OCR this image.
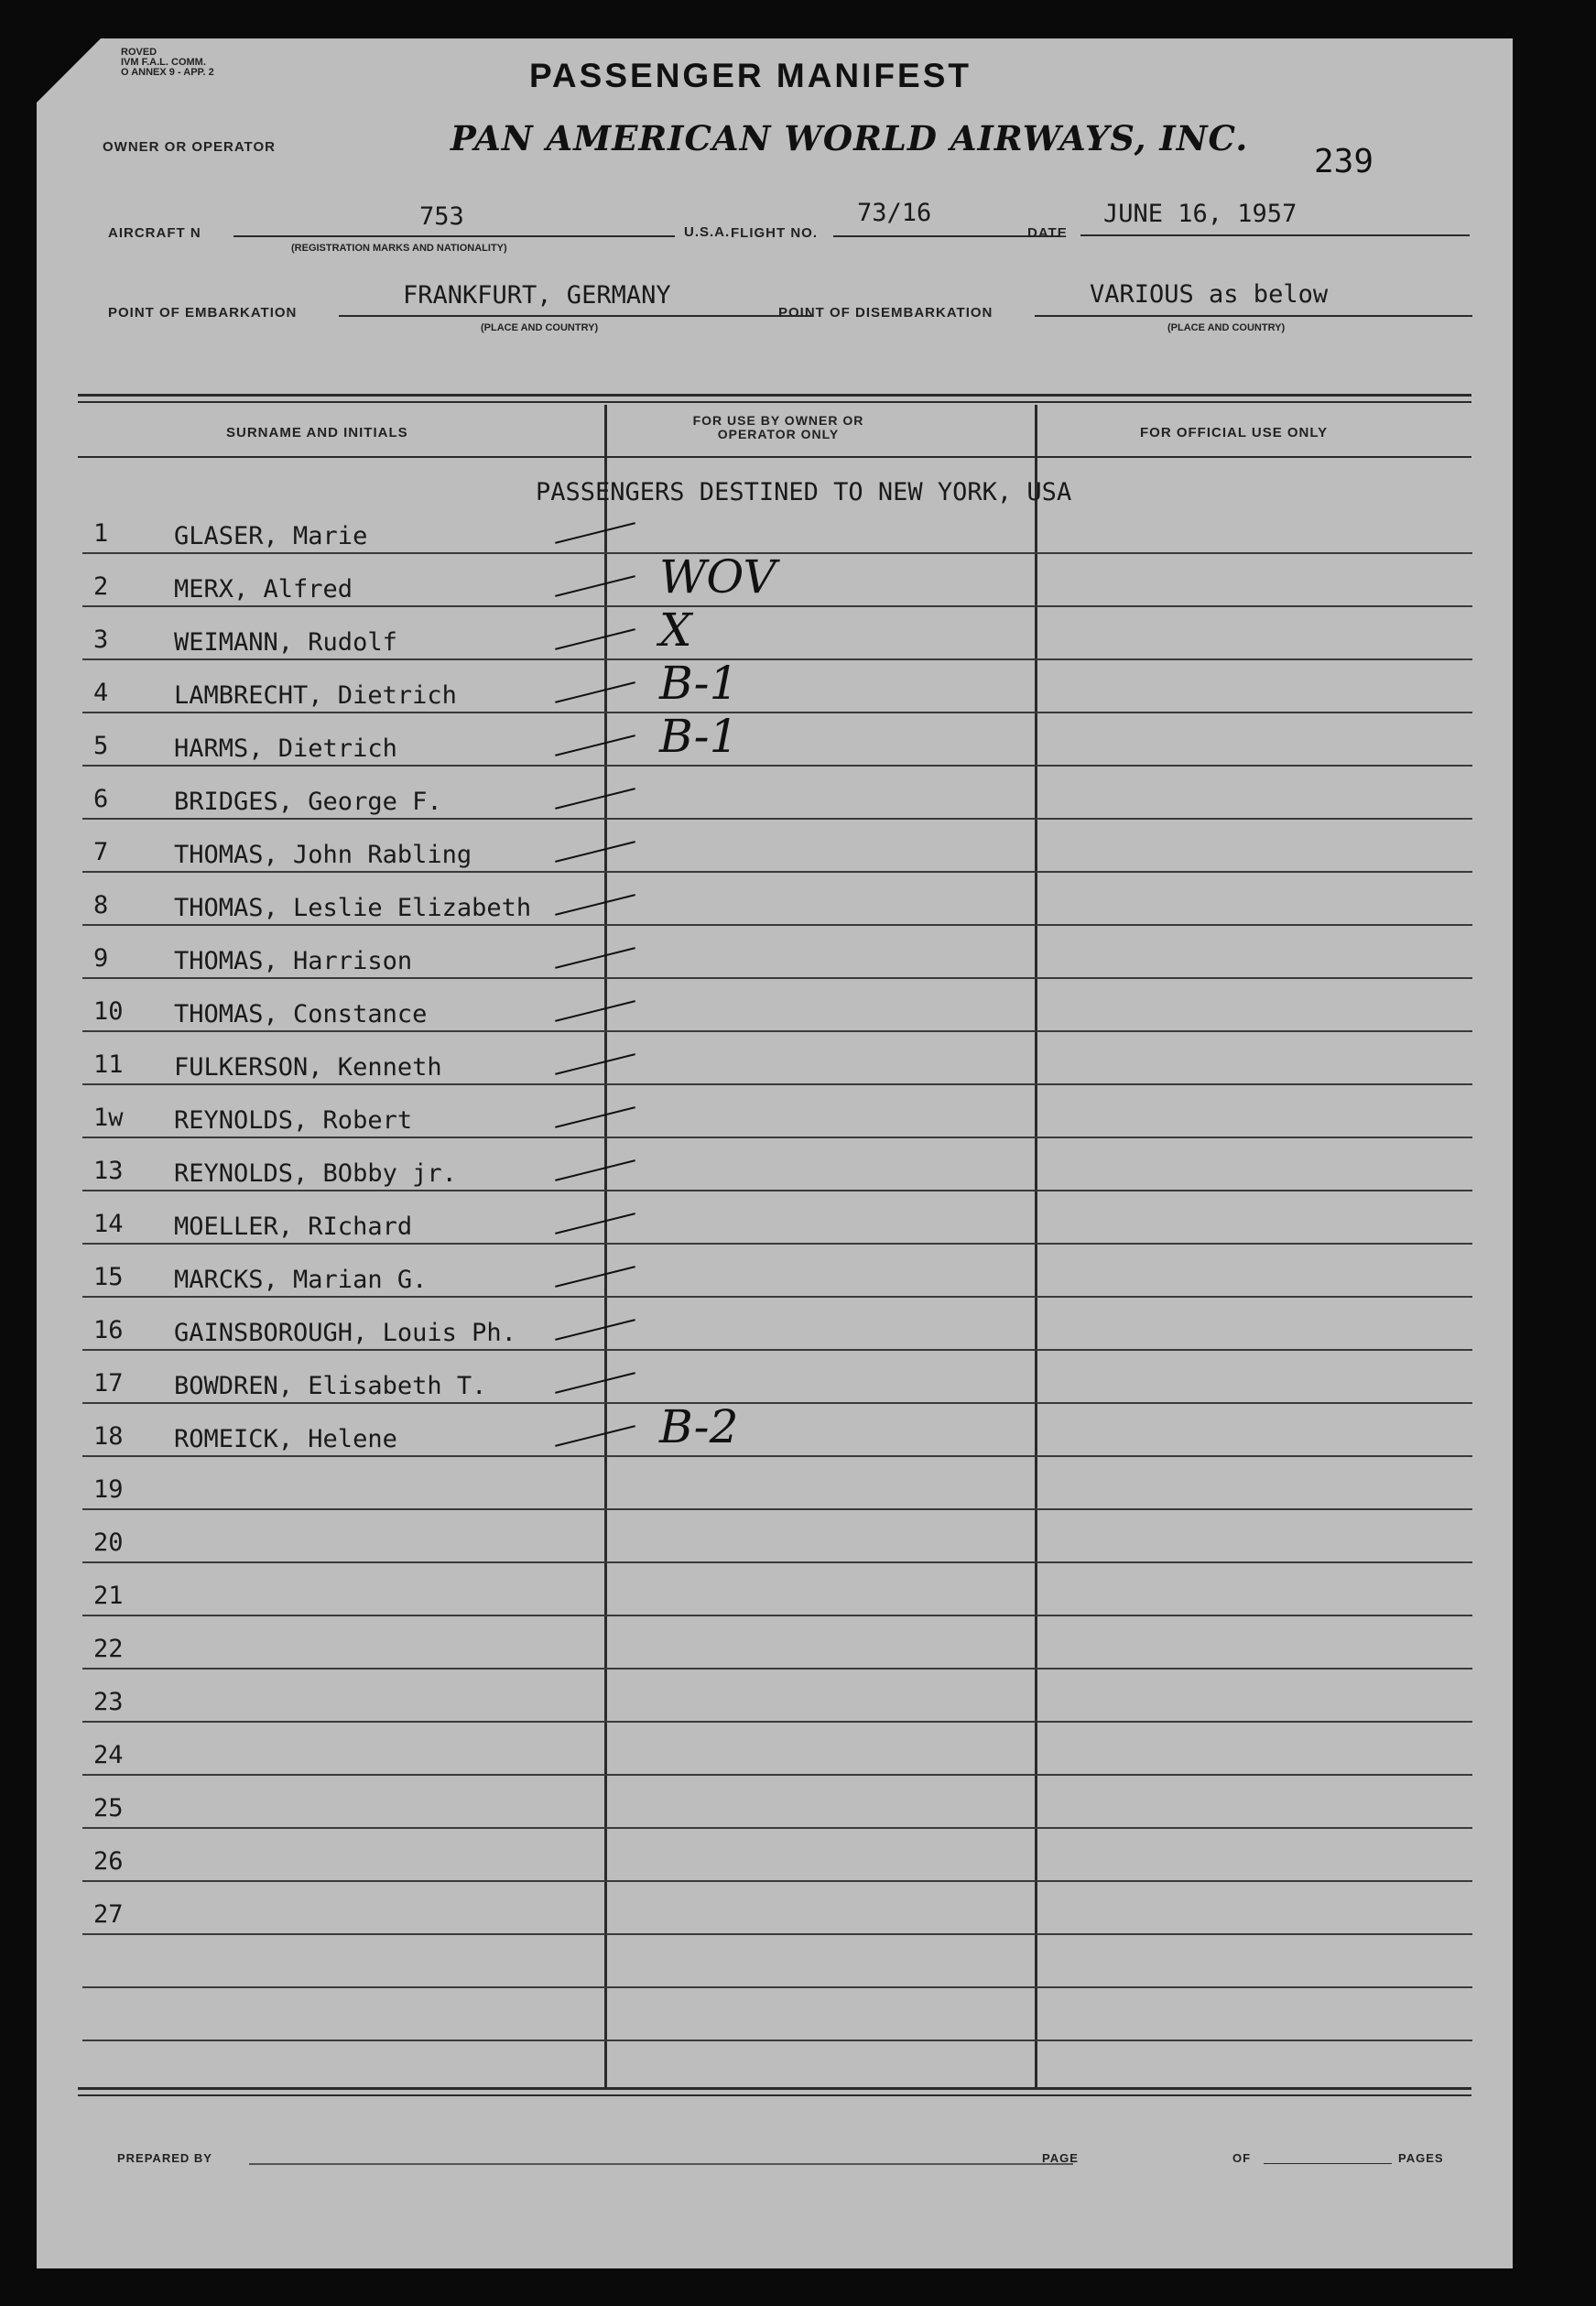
ROVED
IVM F.A.L. COMM.
O ANNEX 9 - APP. 2	PASSENGER MANIFEST
OWNER OR OPERATOR	PAN AMERICAN WORLD AIRWAYS, INC.
239
AIRCRAFT N
753
(REGISTRATION MARKS AND NATIONALITY)
U.S.A. FLIGHT NO.
73/16
DATE
JUNE 16, 1957
POINT OF EMBARKATION
FRANKFURT, GERMANY
(PLACE AND COUNTRY)
POINT OF DISEMBARKATION
VARIOUS as below
(PLACE AND COUNTRY)
SURNAME AND INITIALS
FOR USE BY OWNER OR OPERATOR ONLY	FOR OFFICIAL USE ONLY
PASSENGERS DESTINED TO NEW YORK, USA
1	GLASER, Marie
2	MERX, Alfred	WOV
3	WEIMANN, Rudolf	X
4	LAMBRECHT, Dietrich	B-1
5	HARMS, Dietrich	B-1
6	BRIDGES, George F.
7	THOMAS, John Rabling
8	THOMAS, Leslie Elizabeth
9	THOMAS, Harrison
10 THOMAS, Constance
11 FULKERSON, Kenneth
1w REYNOLDS, Robert
13 REYNOLDS, BObby jr.
14 MOELLER, RIchard
15 MARCKS, Marian G.
16 GAINSBOROUGH, Louis Ph.
17 BOWDREN, Elisabeth T.
18 ROMEICK, Helene	B-2
19
20
21
22
23
24
25
26
27
PREPARED BY	PAGE	OF	PAGES
